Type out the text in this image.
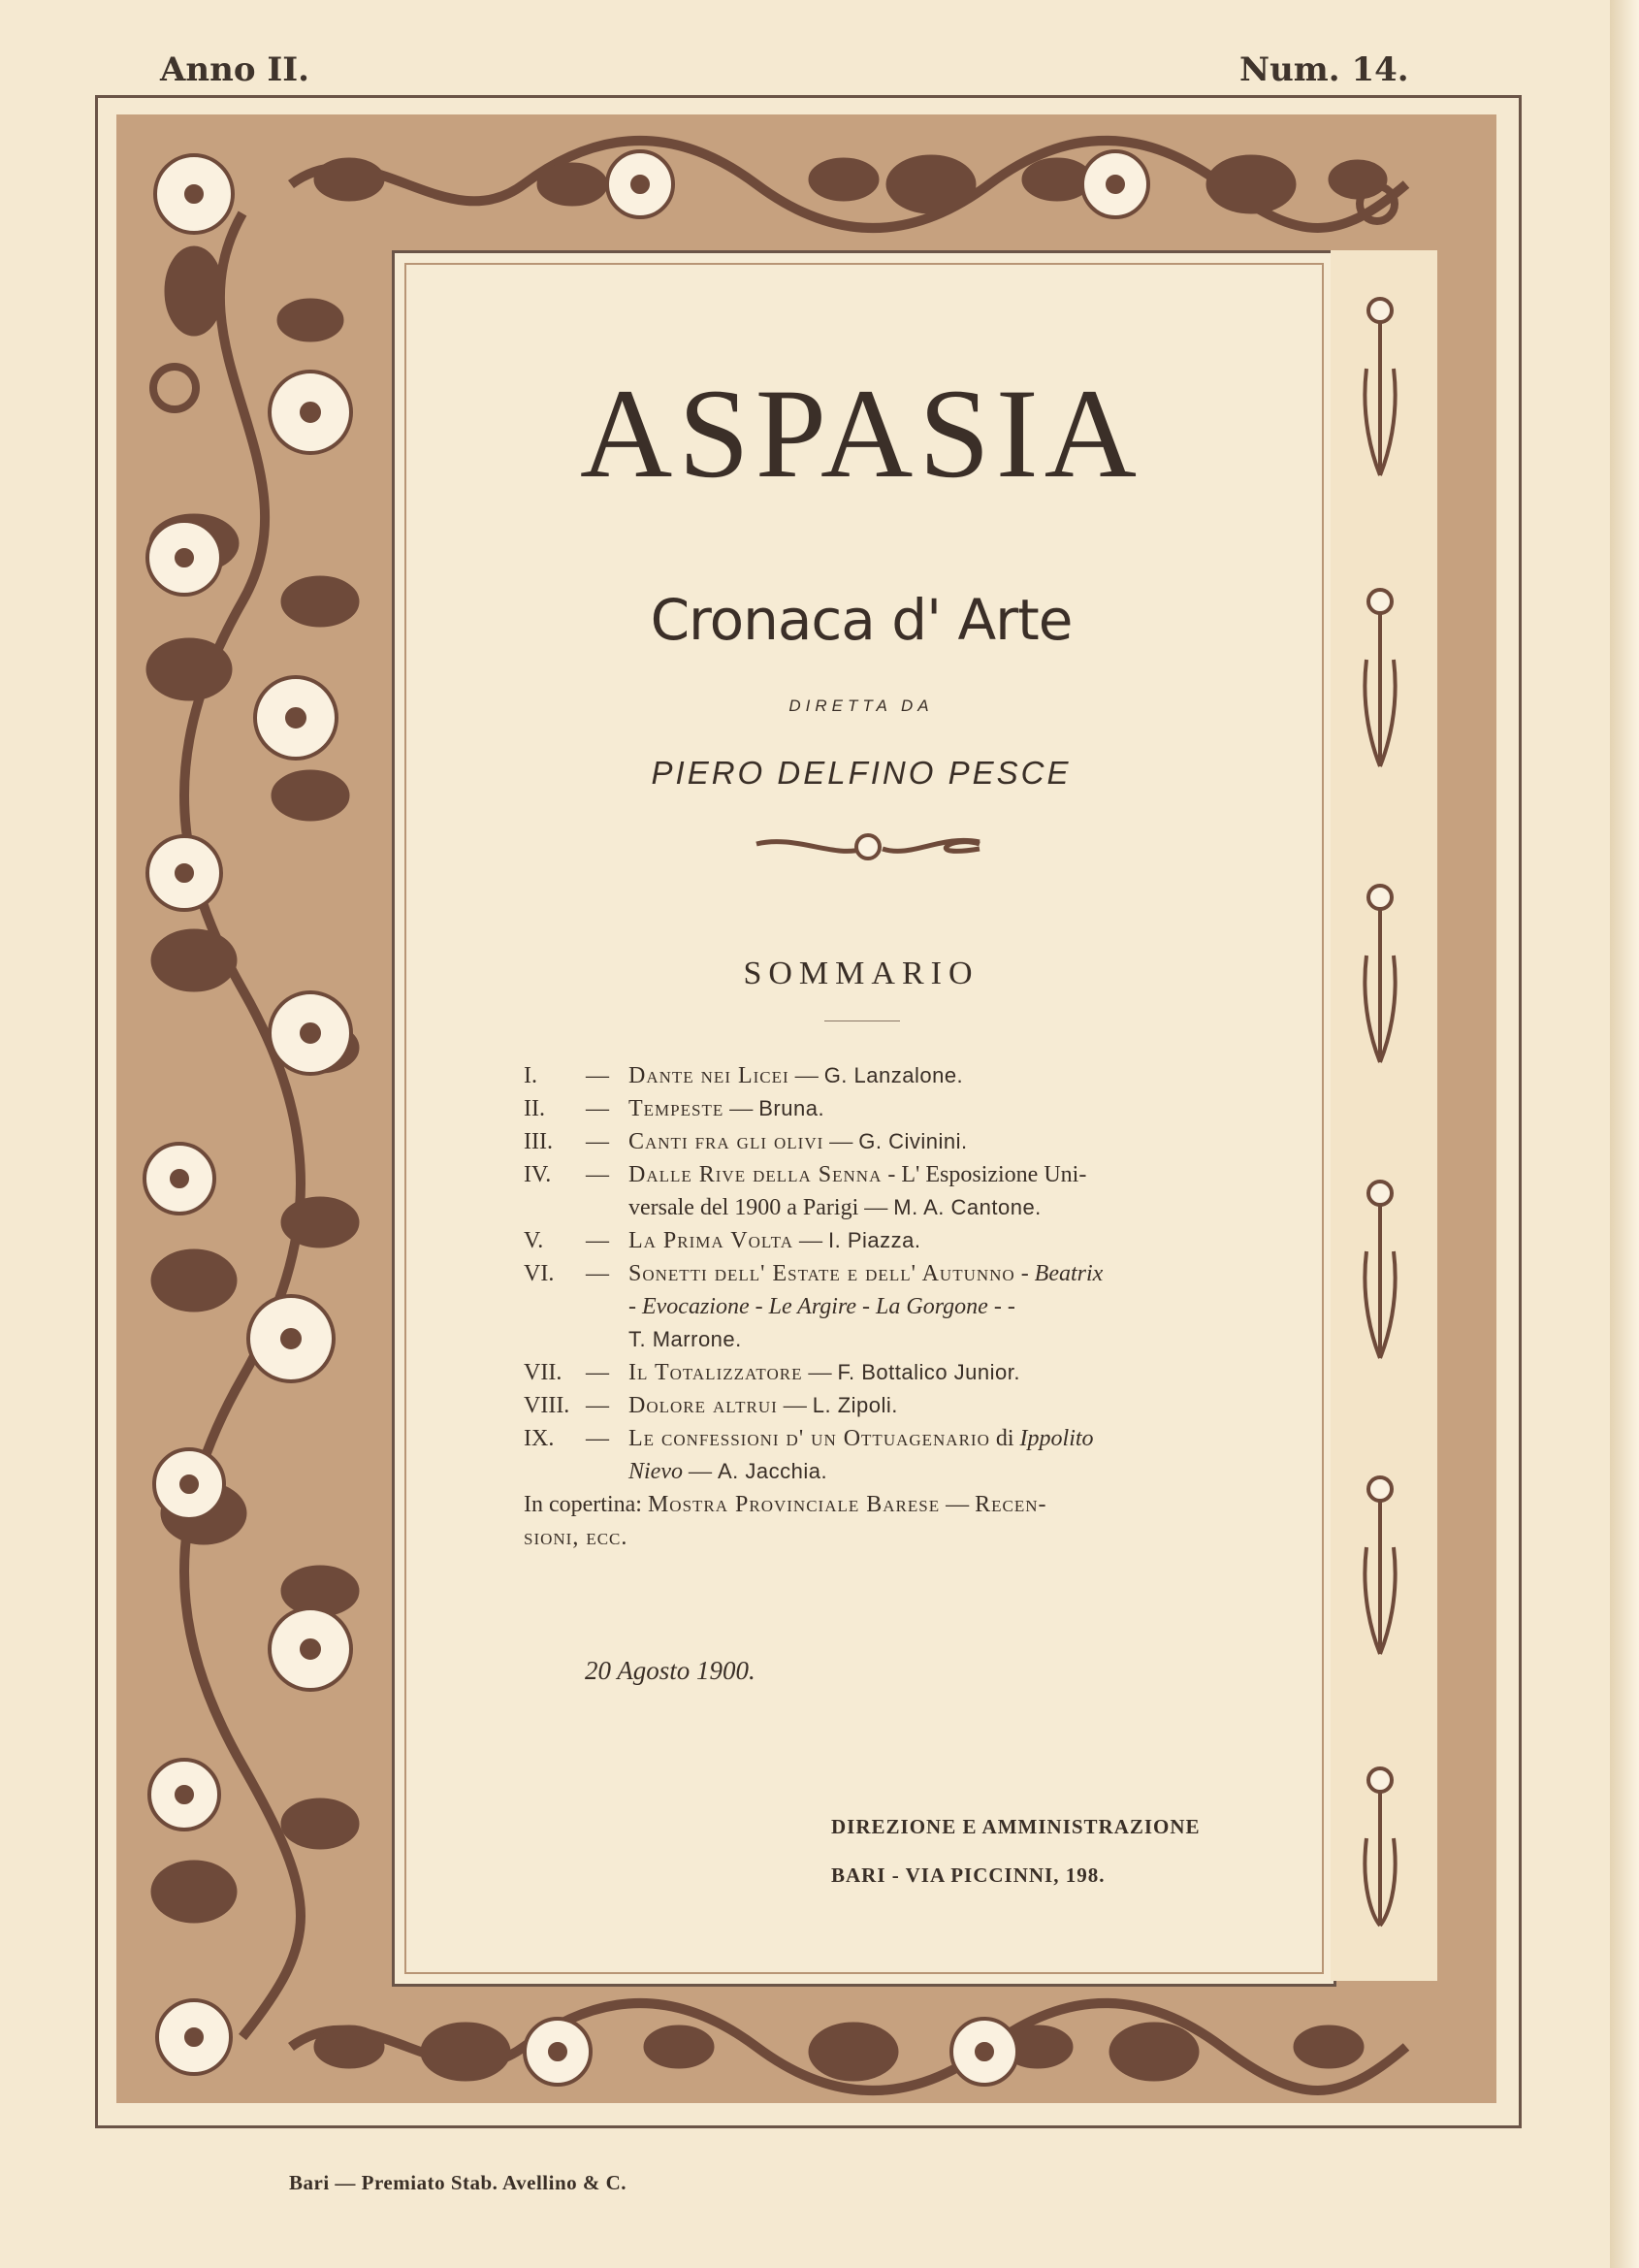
Anno II.	Num. 14.
ASPASIA
Cronaca d' Arte
DIRETTA DA
PIERO DELFINO PESCE
SOMMARIO
I.	— Dante nei Licei — G. Lanzalone.
II.	— Tempeste — Bruna.
III.	— Canti fra gli olivi — G. Civinini.
IV.	— Dalle Rive della Senna - L' Esposizione Uni-
versale del 1900 a Parigi — M. A. Cantone.
V.	— La Prima Volta — I. Piazza.
VI.	— Sonetti dell' Estate e dell' Autunno - Beatrix
- Evocazione - Le Argire - La Gorgone - -
T. Marrone.
VII.	— Il Totalizzatore — F. Bottalico Junior.
VIII. — Dolore altrui — L. Zipoli.
IX.	— Le confessioni d' un Ottuagenario di Ippolito
Nievo — A. Jacchia.
In copertina: Mostra Provinciale Barese — Recen-
sioni, ecc.
20 Agosto 1900.
DIREZIONE E AMMINISTRAZIONE
BARI - VIA PICCINNI, 198.
Bari — Premiato Stab. Avellino & C.
